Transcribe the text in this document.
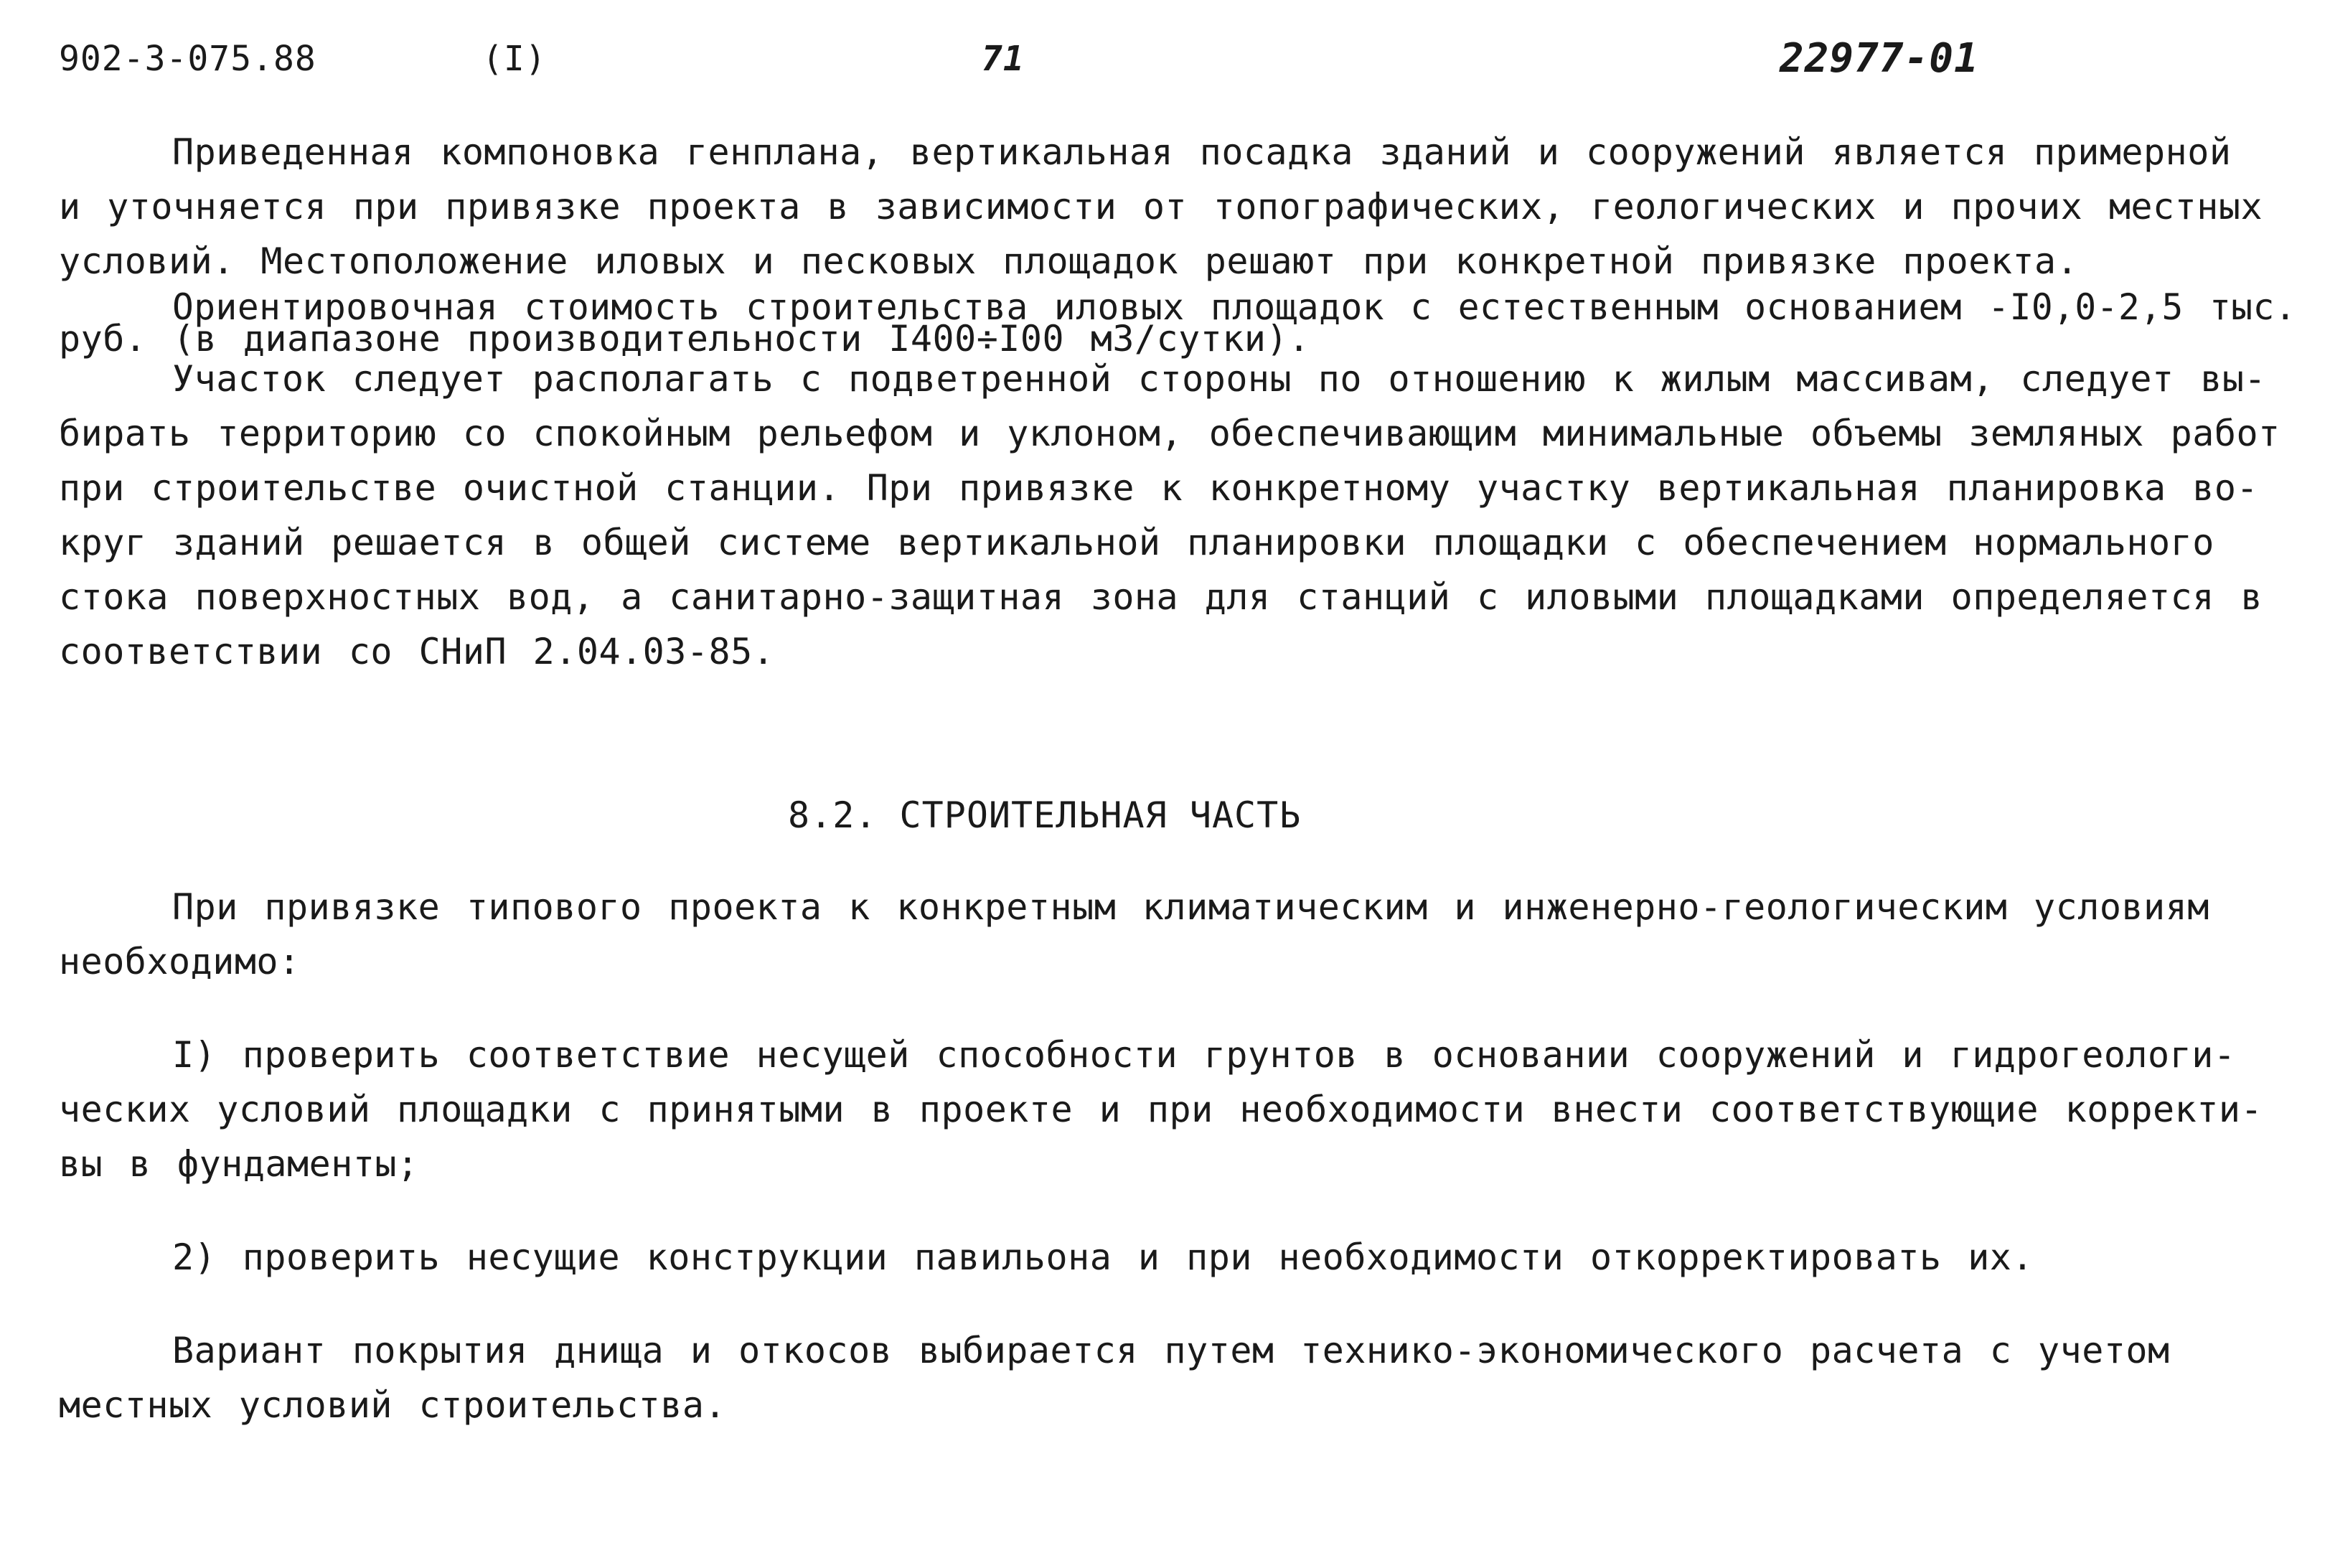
902-3-075.88	(I)	71	22977-01
Приведенная компоновка генплана, вертикальная посадка зданий и сооружений является примерной
и уточняется при привязке проекта в зависимости от топографических, геологических и прочих местных
условий. Местоположение иловых и песковых площадок решают при конкретной привязке проекта.
Ориентировочная стоимость строительства иловых площадок с естественным основанием -I0,0-2,5 тыс.
руб. (в диапазоне производительности I400÷I00 м3/сутки).
Участок следует располагать с подветренной стороны по отношению к жилым массивам, следует вы-
бирать территорию со спокойным рельефом и уклоном, обеспечивающим минимальные объемы земляных работ
при строительстве очистной станции. При привязке к конкретному участку вертикальная планировка во-
круг зданий решается в общей системе вертикальной планировки площадки с обеспечением нормального
стока поверхностных вод, а санитарно-защитная зона для станций с иловыми площадками определяется в
соответствии со СНиП 2.04.03-85.
8.2. СТРОИТЕЛЬНАЯ ЧАСТЬ
При привязке типового проекта к конкретным климатическим и инженерно-геологическим условиям
необходимо:
I) проверить соответствие несущей способности грунтов в основании сооружений и гидрогеологи-
ческих условий площадки с принятыми в проекте и при необходимости внести соответствующие корректи-
вы в фундаменты;
2) проверить несущие конструкции павильона и при необходимости откорректировать их.
Вариант покрытия днища и откосов выбирается путем технико-экономического расчета с учетом
местных условий строительства.
